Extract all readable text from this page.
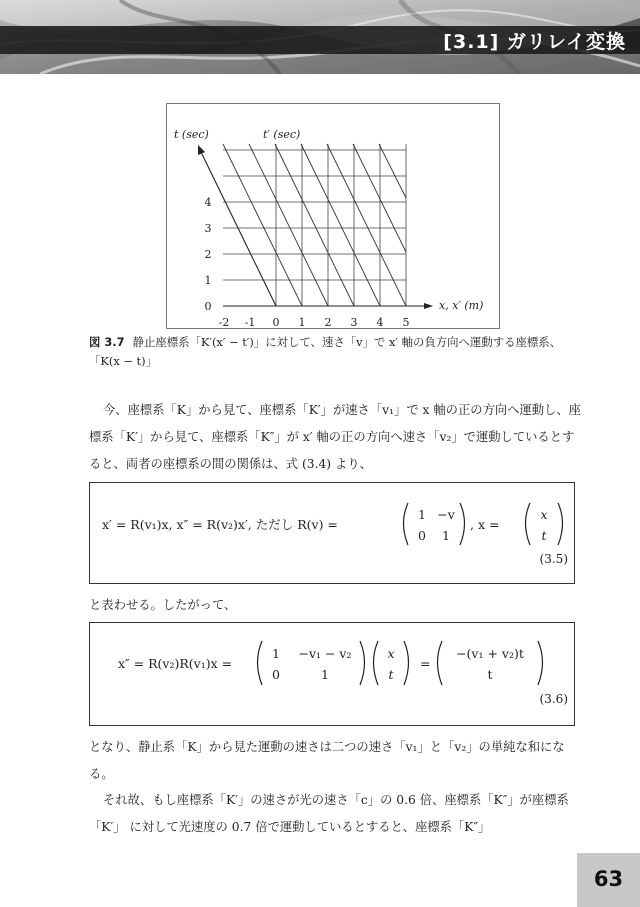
[3.1] ガリレイ変換
t (sec)	t′ (sec)
x, x′ (m)
0
1
2
3
4
-2 -1 0 1 2 3 4 5
図 3.7 静止座標系「K′(x′ − t′)」に対して、速さ「v」で x′ 軸の負方向へ運動する座標系、「K(x − t)」
今、座標系「K」から見て、座標系「K′」が速さ「v₁」で x 軸の正の方向へ運動し、座標系「K′」から見て、座標系「K″」が x′ 軸の正の方向へ速さ「v₂」で運動しているとすると、両者の座標系の間の関係は、式 (3.4) より、
x′ = R(v₁)x, x″ = R(v₂)x′, ただし R(v) =
1 −v
0 1
, x =
x
t
(3.5)
と表わせる。したがって、
x″ = R(v₂)R(v₁)x =
1 −v₁ − v₂
0	1
x
t
=
−(v₁ + v₂)t
t
(3.6)
となり、静止系「K」から見た運動の速さは二つの速さ「v₁」と「v₂」の単純な和になる。
それ故、もし座標系「K′」の速さが光の速さ「c」の 0.6 倍、座標系「K″」が座標系「K′」 に対して光速度の 0.7 倍で運動しているとすると、座標系「K″」
63
